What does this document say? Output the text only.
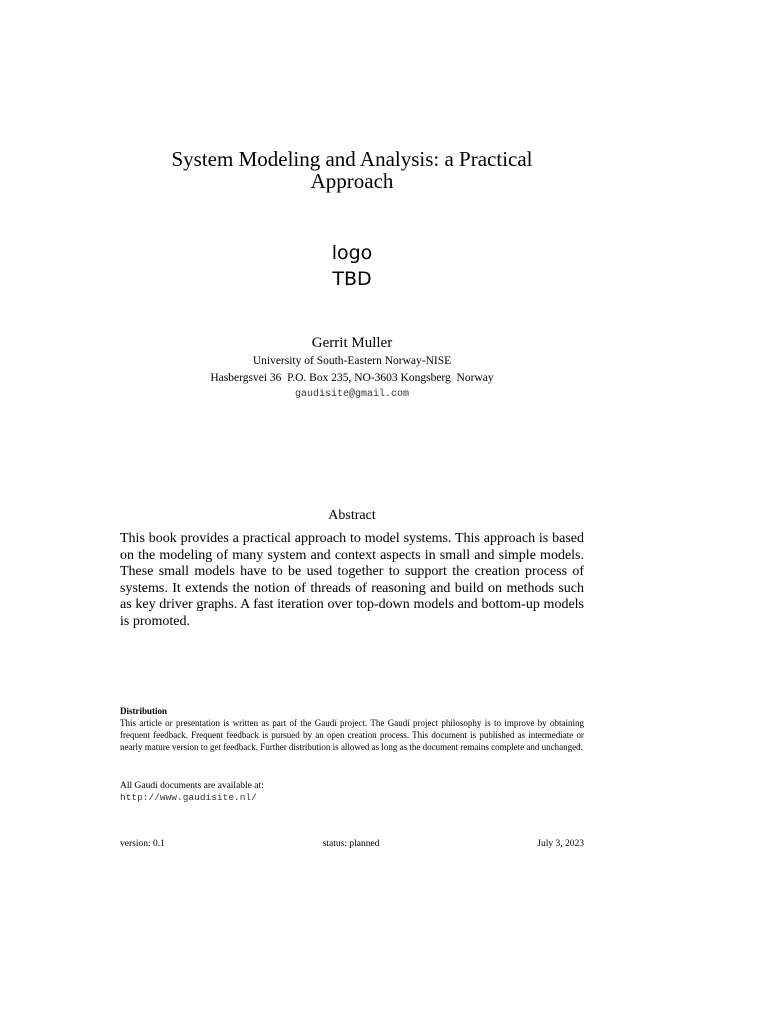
System Modeling and Analysis: a Practical
Approach
logo
TBD
Gerrit Muller
University of South-Eastern Norway-NISE
Hasbergsvei 36  P.O. Box 235, NO-3603 Kongsberg  Norway
gaudisite@gmail.com
Abstract
This book provides a practical approach to model systems. This approach is based on the modeling of many system and context aspects in small and simple models. These small models have to be used together to support the creation process of systems. It extends the notion of threads of reasoning and build on methods such as key driver graphs. A fast iteration over top-down models and bottom-up models is promoted.
Distribution
This article or presentation is written as part of the Gaudí project. The Gaudí project philosophy is to improve by obtaining frequent feedback. Frequent feedback is pursued by an open creation process. This document is published as intermediate or nearly mature version to get feedback. Further distribution is allowed as long as the document remains complete and unchanged.
All Gaudí documents are available at:
http://www.gaudisite.nl/
version: 0.1	status: planned	July 3, 2023
